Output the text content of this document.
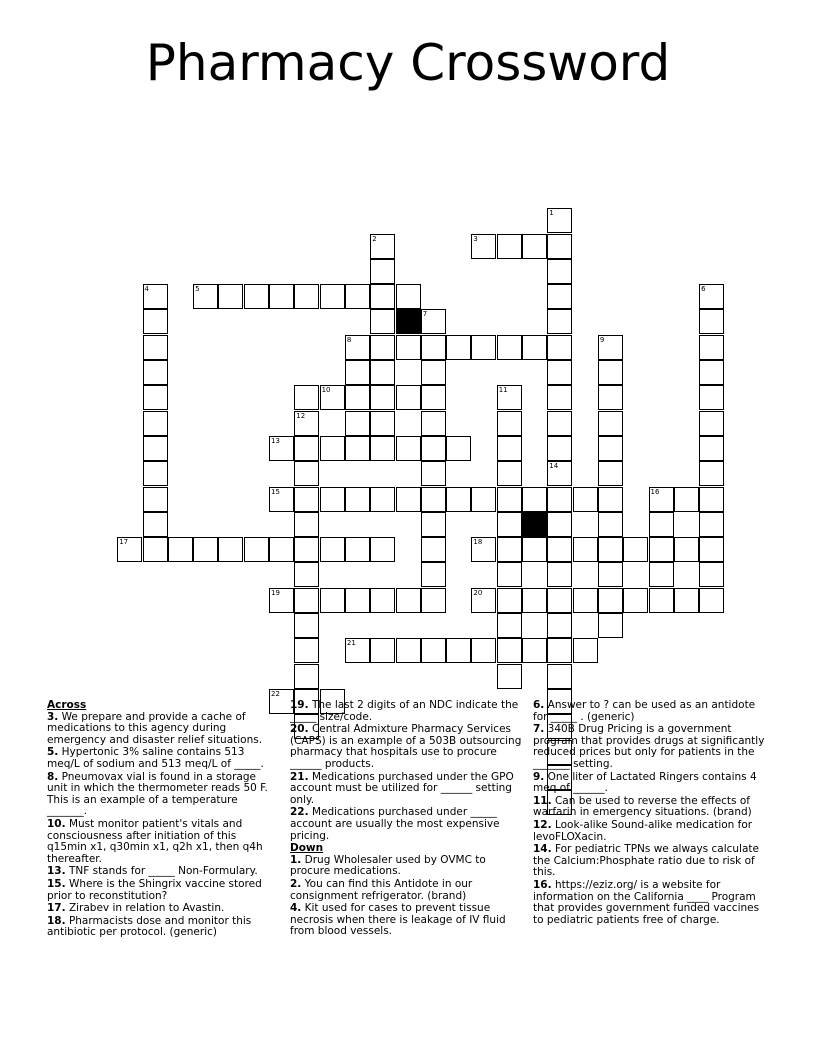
Pharmacy Crossword
1
14
2	3
4	5	6
7
8	9
10	11
12
13
15	16
17	18
19	20
21
22
Across
3. We prepare and provide a cache of medications to this agency during emergency and disaster relief situations.
5. Hypertonic 3% saline contains 513 meq/L of sodium and 513 meq/L of _____.
8. Pneumovax vial is found in a storage unit in which the thermometer reads 50 F. This is an example of a temperature _______.
10. Must monitor patient's vitals and consciousness after initiation of this q15min x1, q30min x1, q2h x1, then q4h thereafter.
13. TNF stands for _____ Non-Formulary.
15. Where is the Shingrix vaccine stored prior to reconstitution?
17. Zirabev in relation to Avastin.
18. Pharmacists dose and monitor this antibiotic per protocol. (generic)
19. The last 2 digits of an NDC indicate the _____ size/code.
20. Central Admixture Pharmacy Services (CAPS) is an example of a 503B outsourcing pharmacy that hospitals use to procure ______ products.
21. Medications purchased under the GPO account must be utilized for ______ setting only.
22. Medications purchased under _____ account are usually the most expensive pricing.
Down
1. Drug Wholesaler used by OVMC to procure medications.
2. You can find this Antidote in our consignment refrigerator. (brand)
4. Kit used for cases to prevent tissue necrosis when there is leakage of IV fluid from blood vessels.
6. Answer to ? can be used as an antidote for _____ . (generic)
7. 340B Drug Pricing is a government program that provides drugs at significantly reduced prices but only for patients in the _______ setting.
9. One liter of Lactated Ringers contains 4 meq of ______.
11. Can be used to reverse the effects of warfarin in emergency situations. (brand)
12. Look-alike Sound-alike medication for levoFLOXacin.
14. For pediatric TPNs we always calculate the Calcium:Phosphate ratio due to risk of this.
16. https://eziz.org/ is a website for information on the California ____ Program that provides government funded vaccines to pediatric patients free of charge.
